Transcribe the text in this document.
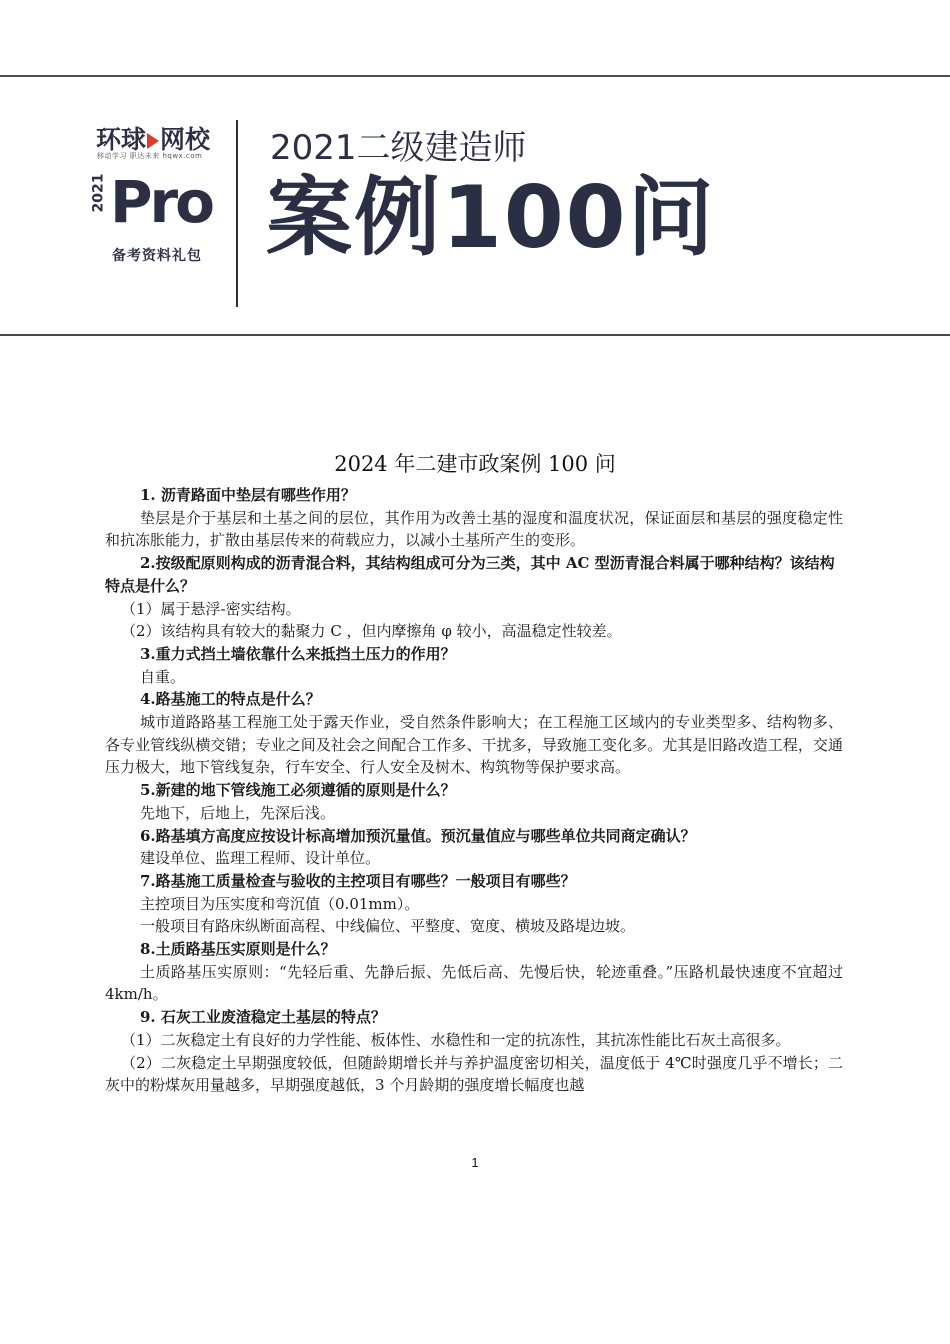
环球 网校
移动学习 职达未来 hqwx.com
2021 Pro
备考资料礼包
2021二级建造师
案例100问
2024 年二建市政案例 100 问

1. 沥青路面中垫层有哪些作用？

垫层是介于基层和土基之间的层位，其作用为改善土基的湿度和温度状况，保证面层和基层的强度稳定性和抗冻胀能力，扩散由基层传来的荷载应力，以减小土基所产生的变形。

2.按级配原则构成的沥青混合料，其结构组成可分为三类，其中 AC 型沥青混合料属于哪种结构？该结构特点是什么？

（1）属于悬浮-密实结构。

（2）该结构具有较大的黏聚力 C ，但内摩擦角 φ 较小，高温稳定性较差。

3.重力式挡土墙依靠什么来抵挡土压力的作用？

自重。

4.路基施工的特点是什么？

城市道路路基工程施工处于露天作业，受自然条件影响大；在工程施工区域内的专业类型多、结构物多、各专业管线纵横交错；专业之间及社会之间配合工作多、干扰多，导致施工变化多。尤其是旧路改造工程，交通压力极大，地下管线复杂，行车安全、行人安全及树木、构筑物等保护要求高。

5.新建的地下管线施工必须遵循的原则是什么？

先地下，后地上，先深后浅。

6.路基填方高度应按设计标高增加预沉量值。预沉量值应与哪些单位共同商定确认？

建设单位、监理工程师、设计单位。

7.路基施工质量检查与验收的主控项目有哪些？一般项目有哪些？

主控项目为压实度和弯沉值（0.01mm）。

一般项目有路床纵断面高程、中线偏位、平整度、宽度、横坡及路堤边坡。

8.土质路基压实原则是什么？

土质路基压实原则：“先轻后重、先静后振、先低后高、先慢后快，轮迹重叠。”压路机最快速度不宜超过 4km/h。

9. 石灰工业废渣稳定土基层的特点？

（1）二灰稳定土有良好的力学性能、板体性、水稳性和一定的抗冻性，其抗冻性能比石灰土高很多。

（2）二灰稳定土早期强度较低，但随龄期增长并与养护温度密切相关，温度低于 4℃时强度几乎不增长；二灰中的粉煤灰用量越多，早期强度越低，3 个月龄期的强度增长幅度也越

1
